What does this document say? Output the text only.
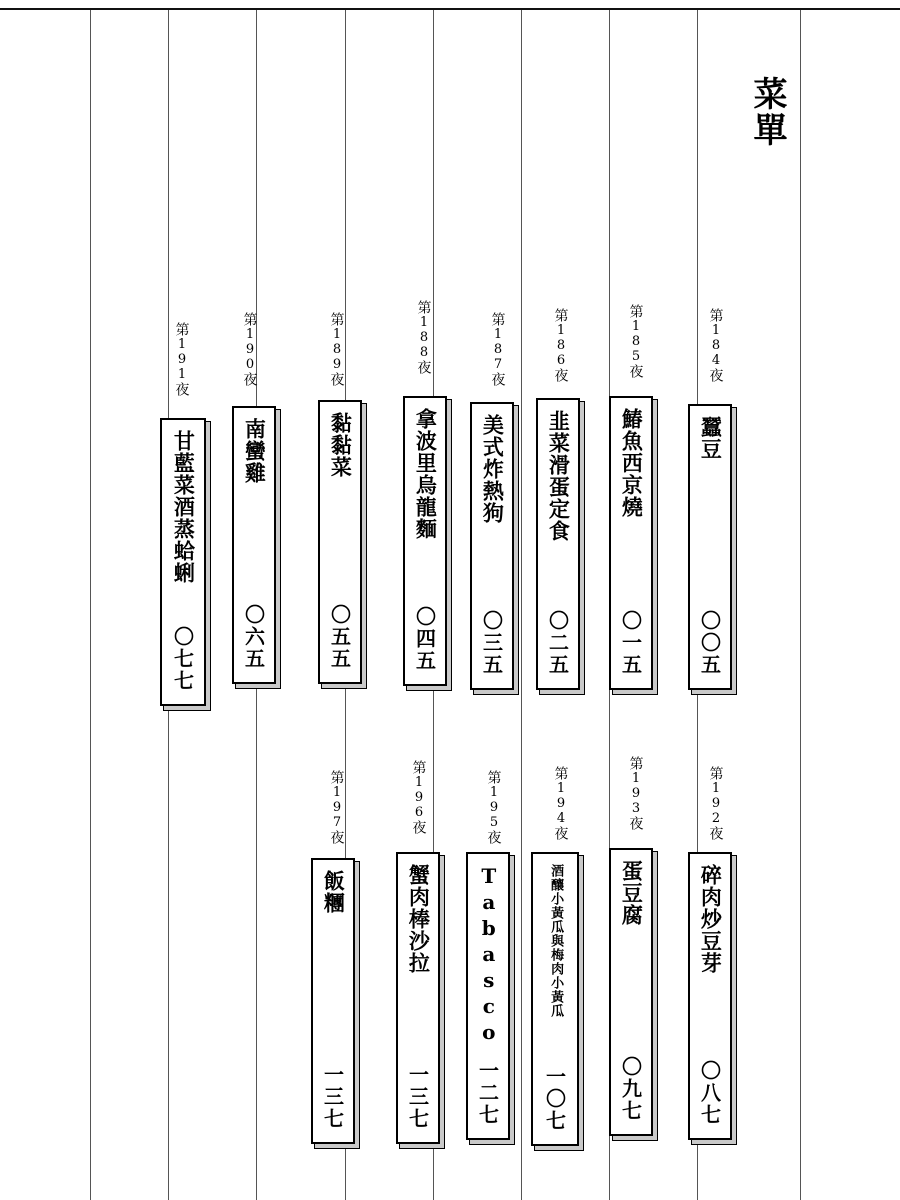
菜單
第191夜
甘藍菜酒蒸蛤蜊
〇七七
第190夜
南蠻雞
〇六五
第189夜
黏黏菜
〇五五
第188夜
拿波里烏龍麵
〇四五
第187夜
美式炸熱狗
〇三五
第186夜
韭菜滑蛋定食
〇二五
第185夜
鰆魚西京燒
〇一五
第184夜
蠶豆
〇〇五
第197夜
飯糰
一三七
第196夜
蟹肉棒沙拉
一三七
第195夜
Tabasco
一二七
第194夜
酒釀小黃瓜與梅肉小黃瓜
一〇七
第193夜
蛋豆腐
〇九七
第192夜
碎肉炒豆芽
〇八七
